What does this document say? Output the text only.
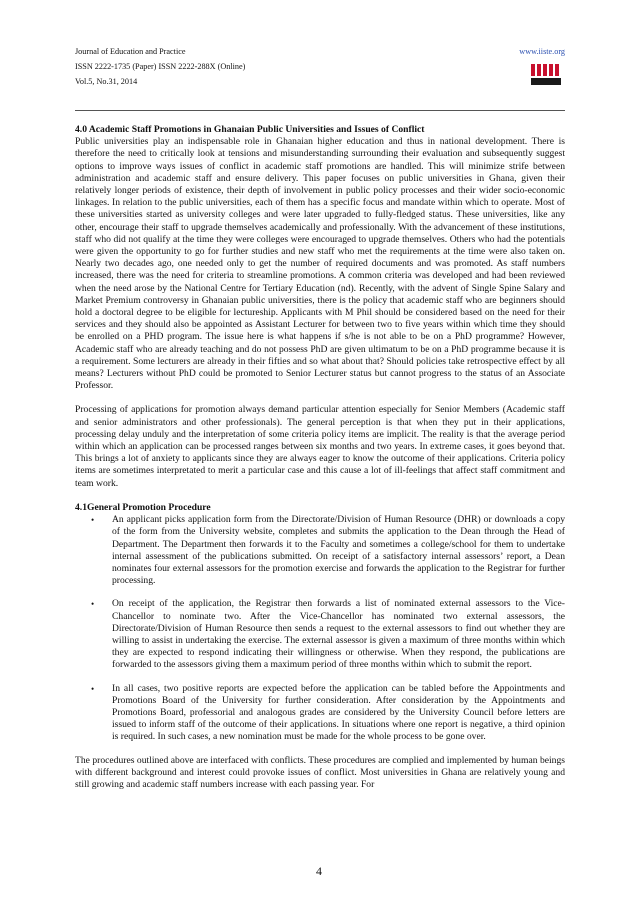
Journal of Education and Practice
ISSN 2222-1735 (Paper) ISSN 2222-288X (Online)
Vol.5, No.31, 2014
www.iiste.org
4.0 Academic Staff Promotions in Ghanaian Public Universities and Issues of Conflict

Public universities play an indispensable role in Ghanaian higher education and thus in national development. There is therefore the need to critically look at tensions and misunderstanding surrounding their evaluation and subsequently suggest options to improve ways issues of conflict in academic staff promotions are handled. This will minimize strife between administration and academic staff and ensure delivery. This paper focuses on public universities in Ghana, given their relatively longer periods of existence, their depth of involvement in public policy processes and their wider socio-economic linkages. In relation to the public universities, each of them has a specific focus and mandate within which to operate. Most of these universities started as university colleges and were later upgraded to fully-fledged status. These universities, like any other, encourage their staff to upgrade themselves academically and professionally. With the advancement of these institutions, staff who did not qualify at the time they were colleges were encouraged to upgrade themselves. Others who had the potentials were given the opportunity to go for further studies and new staff who met the requirements at the time were also taken on. Nearly two decades ago, one needed only to get the number of required documents and was promoted. As staff numbers increased, there was the need for criteria to streamline promotions. A common criteria was developed and had been reviewed when the need arose by the National Centre for Tertiary Education (nd). Recently, with the advent of Single Spine Salary and Market Premium controversy in Ghanaian public universities, there is the policy that academic staff who are beginners should hold a doctoral degree to be eligible for lectureship. Applicants with M Phil should be considered based on the need for their services and they should also be appointed as Assistant Lecturer for between two to five years within which time they should be enrolled on a PHD program. The issue here is what happens if s/he is not able to be on a PhD programme? However, Academic staff who are already teaching and do not possess PhD are given ultimatum to be on a PhD programme because it is a requirement. Some lecturers are already in their fifties and so what about that? Should policies take retrospective effect by all means? Lecturers without PhD could be promoted to Senior Lecturer status but cannot progress to the status of an Associate Professor.

Processing of applications for promotion always demand particular attention especially for Senior Members (Academic staff and senior administrators and other professionals). The general perception is that when they put in their applications, processing delay unduly and the interpretation of some criteria policy items are implicit. The reality is that the average period within which an application can be processed ranges between six months and two years. In extreme cases, it goes beyond that. This brings a lot of anxiety to applicants since they are always eager to know the outcome of their applications. Criteria policy items are sometimes interpretated to merit a particular case and this cause a lot of ill-feelings that affect staff commitment and team work.

4.1General Promotion Procedure
• An applicant picks application form from the Directorate/Division of Human Resource (DHR) or downloads a copy of the form from the University website, completes and submits the application to the Dean through the Head of Department. The Department then forwards it to the Faculty and sometimes a college/school for them to undertake internal assessment of the publications submitted. On receipt of a satisfactory internal assessors’ report, a Dean nominates four external assessors for the promotion exercise and forwards the application to the Registrar for further processing.
• On receipt of the application, the Registrar then forwards a list of nominated external assessors to the Vice-Chancellor to nominate two. After the Vice-Chancellor has nominated two external assessors, the Directorate/Division of Human Resource then sends a request to the external assessors to find out whether they are willing to assist in undertaking the exercise. The external assessor is given a maximum of three months within which they are expected to respond indicating their willingness or otherwise. When they respond, the publications are forwarded to the assessors giving them a maximum period of three months within which to submit the report.
• In all cases, two positive reports are expected before the application can be tabled before the Appointments and Promotions Board of the University for further consideration. After consideration by the Appointments and Promotions Board, professorial and analogous grades are considered by the University Council before letters are issued to inform staff of the outcome of their applications. In situations where one report is negative, a third opinion is required. In such cases, a new nomination must be made for the whole process to be gone over.

The procedures outlined above are interfaced with conflicts. These procedures are complied and implemented by human beings with different background and interest could provoke issues of conflict. Most universities in Ghana are relatively young and still growing and academic staff numbers increase with each passing year. For

4
